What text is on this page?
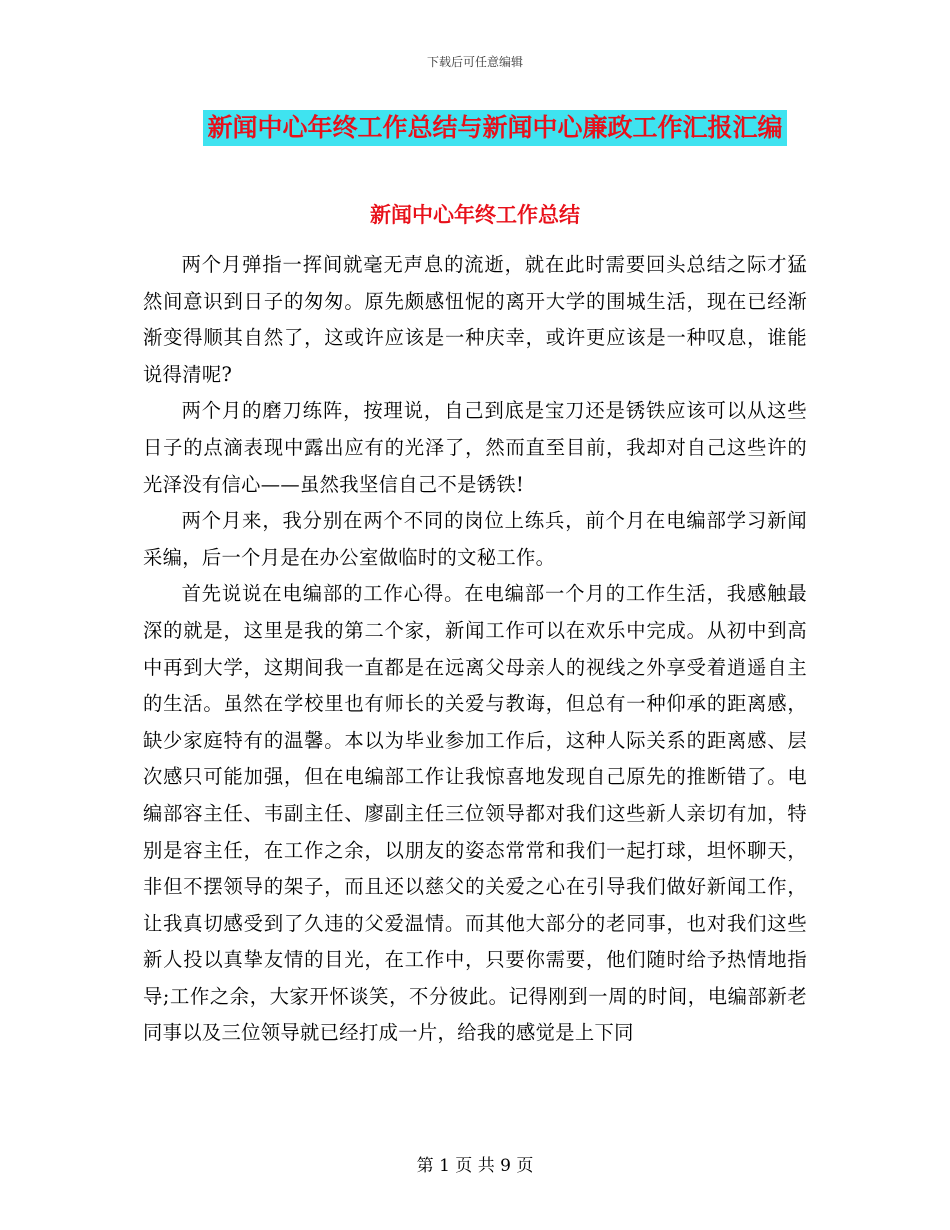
下载后可任意编辑
新闻中心年终工作总结与新闻中心廉政工作汇报汇编
新闻中心年终工作总结

两个月弹指一挥间就毫无声息的流逝，就在此时需要回头总结之际才猛然间意识到日子的匆匆。原先颇感忸怩的离开大学的围城生活，现在已经渐渐变得顺其自然了，这或许应该是一种庆幸，或许更应该是一种叹息，谁能说得清呢?

两个月的磨刀练阵，按理说，自己到底是宝刀还是锈铁应该可以从这些日子的点滴表现中露出应有的光泽了，然而直至目前，我却对自己这些许的光泽没有信心——虽然我坚信自己不是锈铁!

两个月来，我分别在两个不同的岗位上练兵，前个月在电编部学习新闻采编，后一个月是在办公室做临时的文秘工作。

首先说说在电编部的工作心得。在电编部一个月的工作生活，我感触最深的就是，这里是我的第二个家，新闻工作可以在欢乐中完成。从初中到高中再到大学，这期间我一直都是在远离父母亲人的视线之外享受着逍遥自主的生活。虽然在学校里也有师长的关爱与教诲，但总有一种仰承的距离感，缺少家庭特有的温馨。本以为毕业参加工作后，这种人际关系的距离感、层次感只可能加强，但在电编部工作让我惊喜地发现自己原先的推断错了。电编部容主任、韦副主任、廖副主任三位领导都对我们这些新人亲切有加，特别是容主任，在工作之余，以朋友的姿态常常和我们一起打球，坦怀聊天，非但不摆领导的架子，而且还以慈父的关爱之心在引导我们做好新闻工作，让我真切感受到了久违的父爱温情。而其他大部分的老同事，也对我们这些新人投以真挚友情的目光，在工作中，只要你需要，他们随时给予热情地指导;工作之余，大家开怀谈笑，不分彼此。记得刚到一周的时间，电编部新老同事以及三位领导就已经打成一片，给我的感觉是上下同

第 1 页 共 9 页
